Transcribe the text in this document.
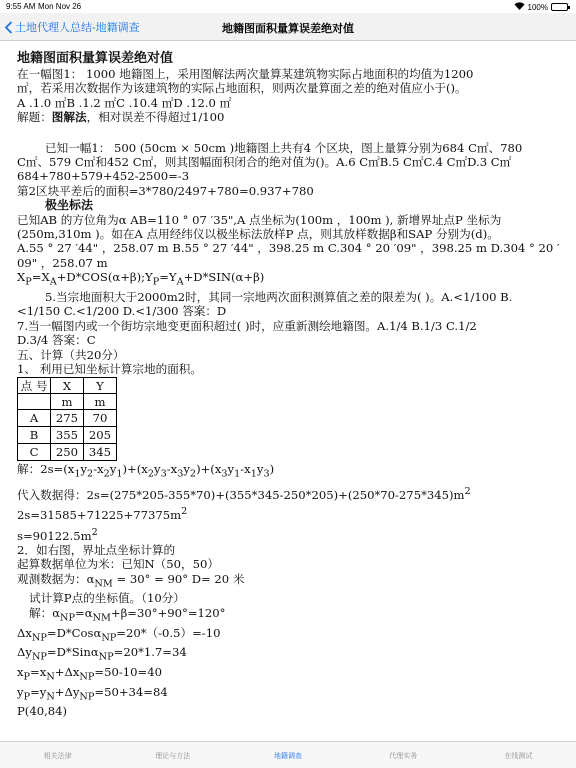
9:55 AM Mon Nov 26	100%
土地代理人总结-地籍调查	地籍图面积量算误差绝对值

地籍图面积量算误差绝对值

在一幅图1： 1000 地籍图上，采用图解法两次量算某建筑物实际占地面积的均值为1200

㎡，若采用次数据作为该建筑物的实际占地面积，则两次量算面之差的绝对值应小于()。

A .1.0 ㎡B .1.2 ㎡C .10.4 ㎡D .12.0 ㎡

解题：图解法，相对误差不得超过1/100

已知一幅1： 500 (50cm × 50cm )地籍图上共有4 个区块，图上量算分别为684 C㎡、780

C㎡、579 C㎡和452 C㎡，则其图幅面积闭合的绝对值为()。A.6 C㎡B.5 C㎡C.4 C㎡D.3 C㎡

684+780+579+452-2500=-3

第2区块平差后的面积=3*780/2497+780=0.937+780

极坐标法

已知AB 的方位角为α AB=110 ° 07 ′35",A 点坐标为(100m ，100m ), 新增界址点P 坐标为

(250m,310m )。如在A 点用经纬仪以极坐标法放样P 点，则其放样数据β和SAP 分别为(d)。

A.55 ° 27 ′44" ，258.07 m B.55 ° 27 ′44" ，398.25 m C.304 ° 20 ′09" ，398.25 m D.304 ° 20 ′

09" ，258.07 m

$X_P=X_A+D*COS(\alpha+\beta);Y_P=Y_A+D*SIN(\alpha+\beta)$

5.当宗地面积大于2000m2时，其同一宗地两次面积测算值之差的限差为( )。A.<1/100 B.

<1/150 C.<1/200 D.<1/300 答案：D

7.当一幅图内或一个街坊宗地变更面积超过( )时，应重新测绘地籍图。A.1/4 B.1/3 C.1/2

D.3/4 答案：C

五、计算（共20分）

1、 利用已知坐标计算宗地的面积。

点 号	X	Y
	m	m
A	275	70
B	355	205
C	250	345

解：$2s=(x_1y_2-x_2y_1)+(x_2y_3-x_3y_2)+(x_3y_1-x_1y_3)$

代入数据得：$2s=(275*205-355*70)+(355*345-250*205)+(250*70-275*345)m^2$

$2s=31585+71225+77375m^2$

$s=90122.5m^2$

2．如右图，界址点坐标计算的

起算数据单位为米：已知N（50，50）

观测数据为：$\alpha_{NM} = 30^\circ = 90^\circ$ D= 20 米

试计算P点的坐标值。（10分）

解：$\alpha_{NP}=\alpha_{NM}+\beta=30^\circ+90^\circ=120^\circ$

$\Delta x_{NP}=D*Cos\alpha_{NP}=20*(-0.5)=-10$

$\Delta y_{NP}=D*Sin\alpha_{NP}=20*1.7=34$

$x_P=x_N+\Delta x_{NP}=50-10=40$

$y_P=y_N+\Delta y_{NP}=50+34=84$

P(40,84)

相关法律	理论与方法	地籍调查	代理实务	在线测试
